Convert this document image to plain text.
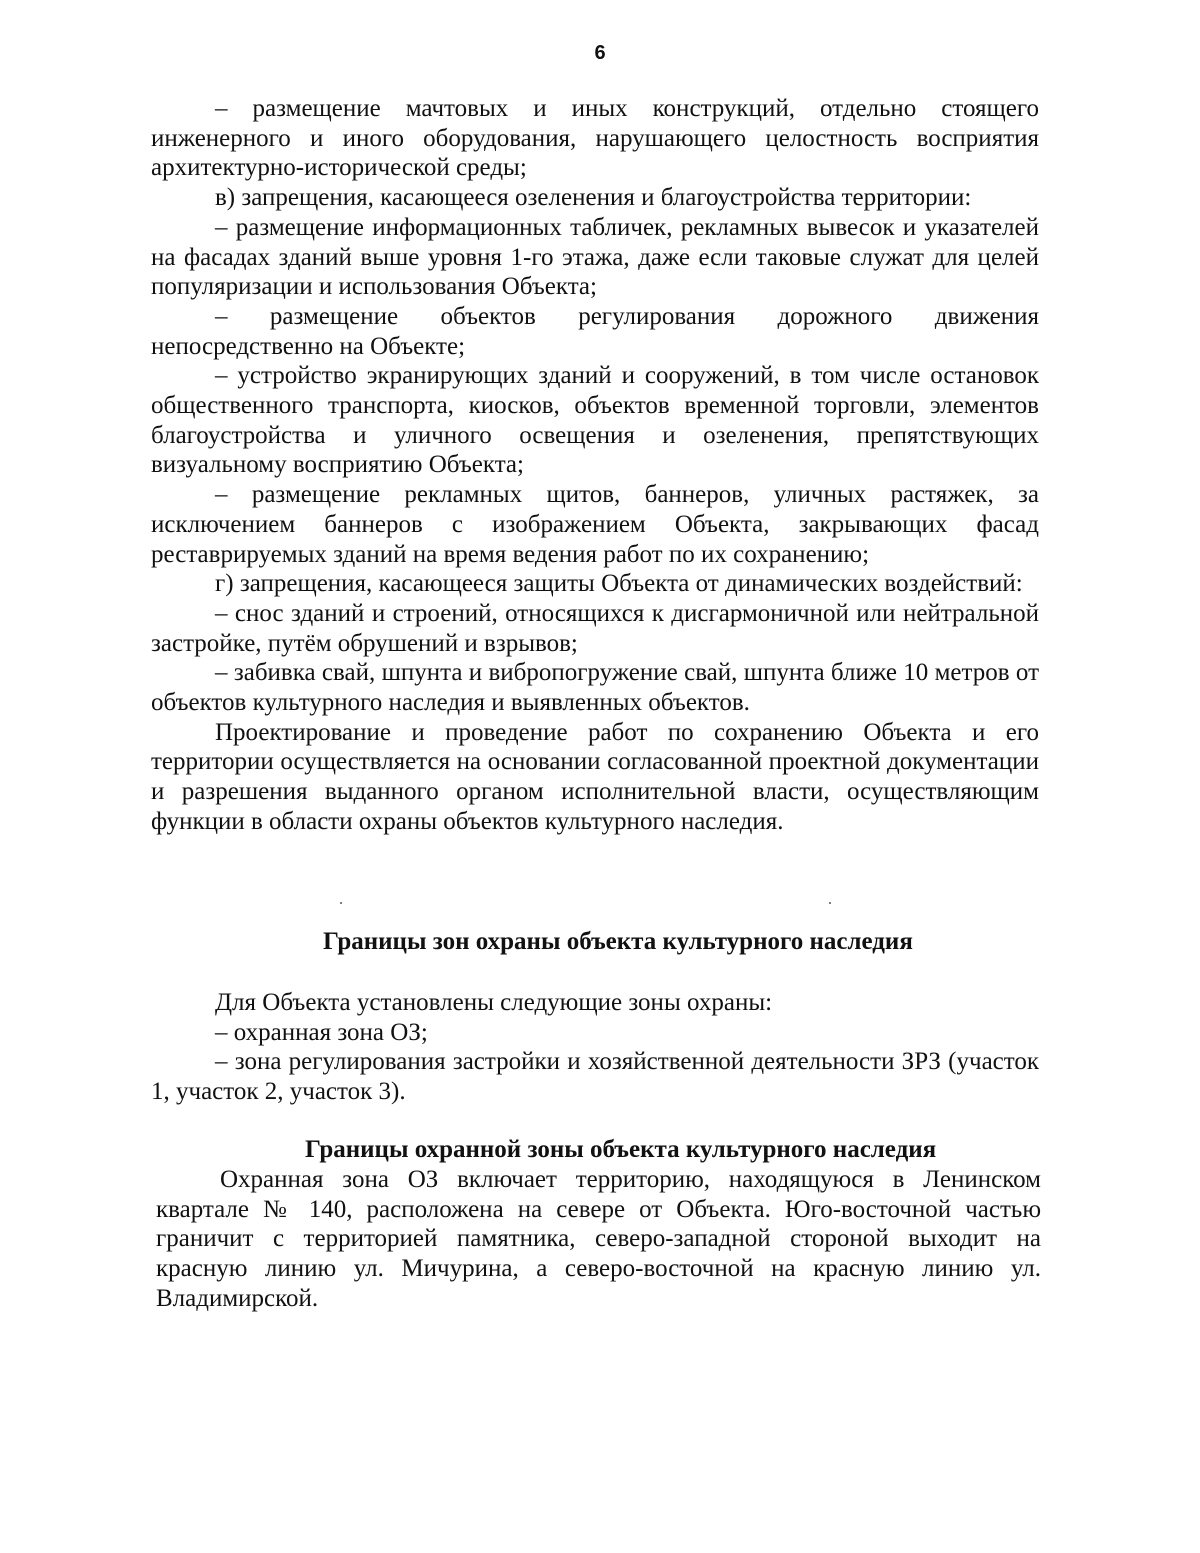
6

– размещение мачтовых и иных конструкций, отдельно стоящего инженерного и иного оборудования, нарушающего целостность восприятия архитектурно-исторической среды;

в) запрещения, касающееся озеленения и благоустройства территории:

– размещение информационных табличек, рекламных вывесок и указателей на фасадах зданий выше уровня 1-го этажа, даже если таковые служат для целей популяризации и использования Объекта;

– размещение объектов регулирования дорожного движения непосредственно на Объекте;

– устройство экранирующих зданий и сооружений, в том числе остановок общественного транспорта, киосков, объектов временной торговли, элементов благоустройства и уличного освещения и озеленения, препятствующих визуальному восприятию Объекта;

– размещение рекламных щитов, баннеров, уличных растяжек, за исключением баннеров с изображением Объекта, закрывающих фасад реставрируемых зданий на время ведения работ по их сохранению;

г) запрещения, касающееся защиты Объекта от динамических воздействий:

– снос зданий и строений, относящихся к дисгармоничной или нейтральной застройке, путём обрушений и взрывов;

– забивка свай, шпунта и вибропогружение свай, шпунта ближе 10 метров от объектов культурного наследия и выявленных объектов.

Проектирование и проведение работ по сохранению Объекта и его территории осуществляется на основании согласованной проектной документации и разрешения выданного органом исполнительной власти, осуществляющим функции в области охраны объектов культурного наследия.

Границы зон охраны объекта культурного наследия

Для Объекта установлены следующие зоны охраны:

– охранная зона ОЗ;

– зона регулирования застройки и хозяйственной деятельности ЗРЗ (участок 1, участок 2, участок 3).

Границы охранной зоны объекта культурного наследия

Охранная зона ОЗ включает территорию, находящуюся в Ленинском квартале № 140, расположена на севере от Объекта. Юго-восточной частью граничит с территорией памятника, северо-западной стороной выходит на красную линию ул. Мичурина, а северо-восточной на красную линию ул. Владимирской.
